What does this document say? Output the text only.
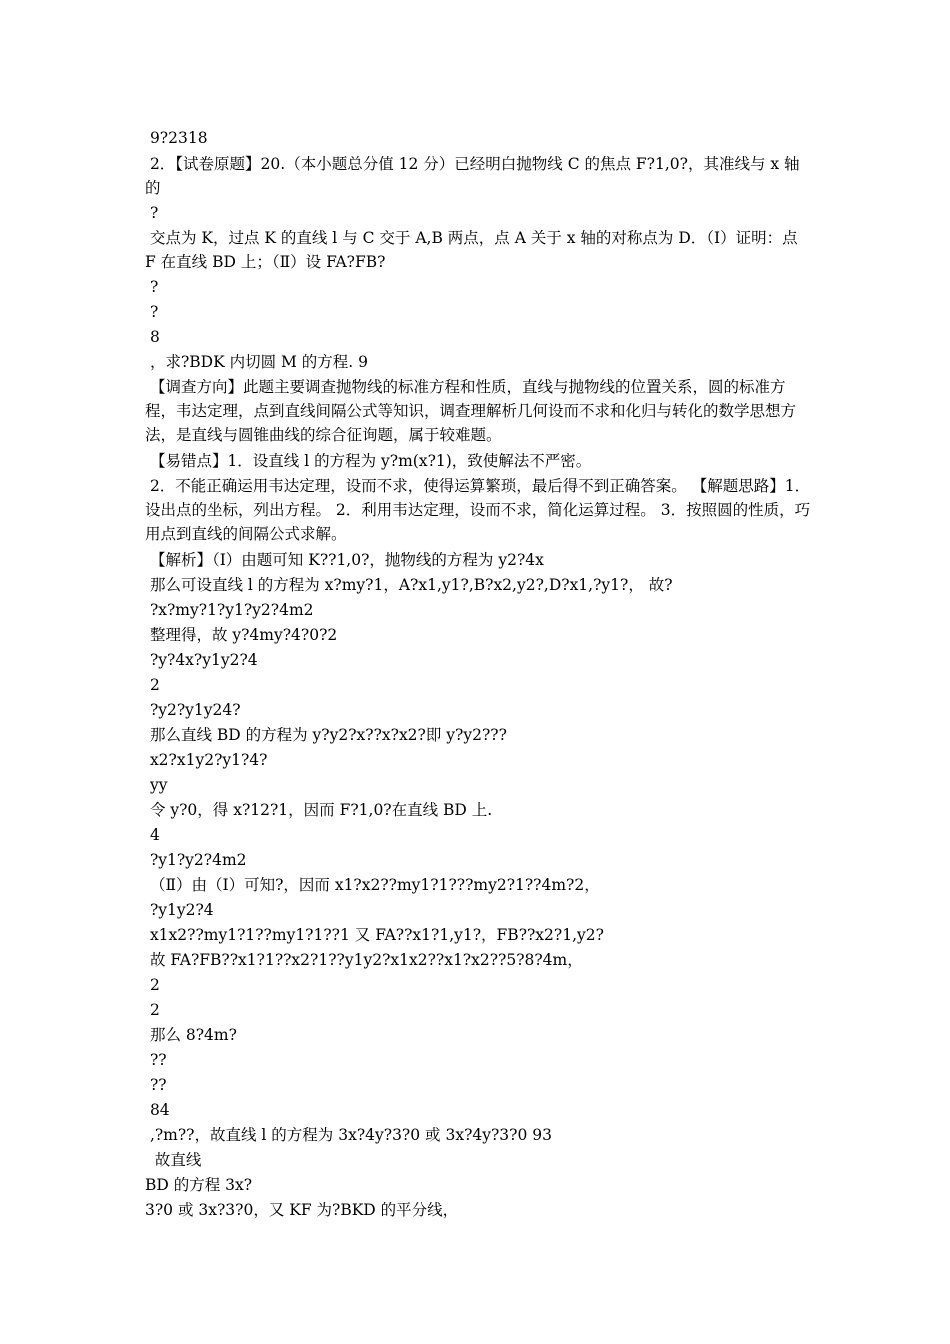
9?2318
2．【试卷原题】20.（本小题总分值 12 分）已经明白抛物线 C 的焦点 F?1,0?，其准线与 x 轴的
?
交点为 K，过点 K 的直线 l 与 C 交于 A,B 两点，点 A 关于 x 轴的对称点为 D．（Ⅰ）证明：点 F 在直线 BD 上；（Ⅱ）设 FA?FB?
?
?
8
，求?BDK 内切圆 M 的方程. 9
【调查方向】此题主要调查抛物线的标准方程和性质，直线与抛物线的位置关系，圆的标准方程，韦达定理，点到直线间隔公式等知识，调查理解析几何设而不求和化归与转化的数学思想方法，是直线与圆锥曲线的综合征询题，属于较难题。
【易错点】1．设直线 l 的方程为 y?m(x?1)，致使解法不严密。
2．不能正确运用韦达定理，设而不求，使得运算繁琐，最后得不到正确答案。 【解题思路】1．设出点的坐标，列出方程。 2．利用韦达定理，设而不求，简化运算过程。 3．按照圆的性质，巧用点到直线的间隔公式求解。
【解析】（Ⅰ）由题可知 K??1,0?，抛物线的方程为 y2?4x
那么可设直线 l 的方程为 x?my?1，A?x1,y1?,B?x2,y2?,D?x1,?y1?， 故?
?x?my?1?y1?y2?4m2
整理得，故 y?4my?4?0?2
?y?4x?y1y2?4
2
?y2?y1y24?
那么直线 BD 的方程为 y?y2?x??x?x2?即 y?y2???
x2?x1y2?y1?4?
yy
令 y?0，得 x?12?1，因而 F?1,0?在直线 BD 上.
4
?y1?y2?4m2
（Ⅱ）由（Ⅰ）可知?，因而 x1?x2??my1?1???my2?1??4m?2，
?y1y2?4
x1x2??my1?1??my1?1??1 又 FA??x1?1,y1?，FB??x2?1,y2?
故 FA?FB??x1?1??x2?1??y1y2?x1x2??x1?x2??5?8?4m，
2
2
那么 8?4m?
??
??
84
,?m??，故直线 l 的方程为 3x?4y?3?0 或 3x?4y?3?0 93
故直线
BD 的方程 3x?
3?0 或 3x?3?0，又 KF 为?BKD 的平分线，
